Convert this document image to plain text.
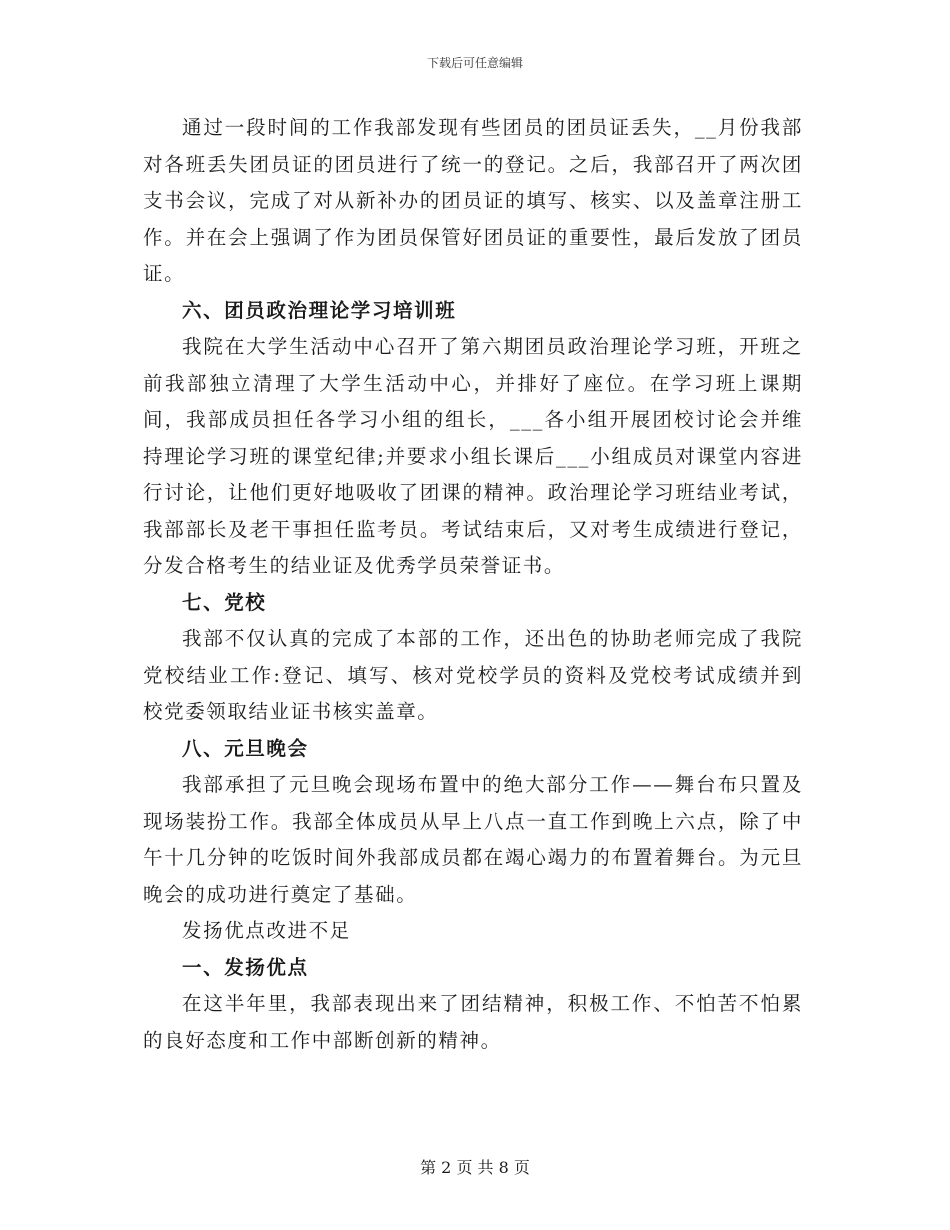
下载后可任意编辑

通过一段时间的工作我部发现有些团员的团员证丢失，__月份我部对各班丢失团员证的团员进行了统一的登记。之后，我部召开了两次团支书会议，完成了对从新补办的团员证的填写、核实、以及盖章注册工作。并在会上强调了作为团员保管好团员证的重要性，最后发放了团员证。

六、团员政治理论学习培训班

我院在大学生活动中心召开了第六期团员政治理论学习班，开班之前我部独立清理了大学生活动中心，并排好了座位。在学习班上课期间，我部成员担任各学习小组的组长，___各小组开展团校讨论会并维持理论学习班的课堂纪律;并要求小组长课后___小组成员对课堂内容进行讨论，让他们更好地吸收了团课的精神。政治理论学习班结业考试，我部部长及老干事担任监考员。考试结束后，又对考生成绩进行登记，分发合格考生的结业证及优秀学员荣誉证书。

七、党校

我部不仅认真的完成了本部的工作，还出色的协助老师完成了我院党校结业工作:登记、填写、核对党校学员的资料及党校考试成绩并到校党委领取结业证书核实盖章。

八、元旦晚会

我部承担了元旦晚会现场布置中的绝大部分工作——舞台布只置及现场装扮工作。我部全体成员从早上八点一直工作到晚上六点，除了中午十几分钟的吃饭时间外我部成员都在竭心竭力的布置着舞台。为元旦晚会的成功进行奠定了基础。

发扬优点改进不足

一、发扬优点

在这半年里，我部表现出来了团结精神，积极工作、不怕苦不怕累的良好态度和工作中部断创新的精神。

第 2 页 共 8 页
